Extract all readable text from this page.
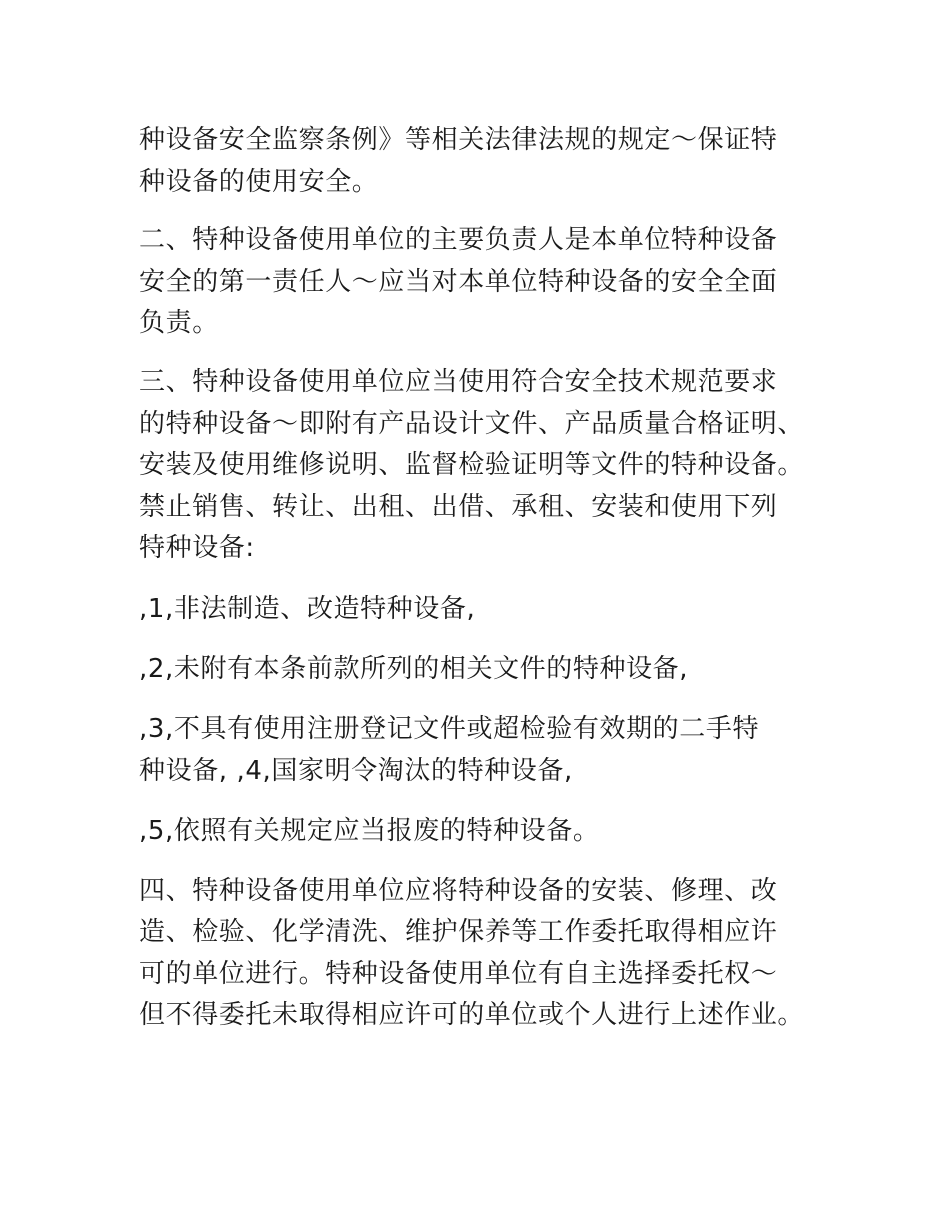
种设备安全监察条例》等相关法律法规的规定～保证特
种设备的使用安全。
二、特种设备使用单位的主要负责人是本单位特种设备
安全的第一责任人～应当对本单位特种设备的安全全面
负责。
三、特种设备使用单位应当使用符合安全技术规范要求
的特种设备～即附有产品设计文件、产品质量合格证明、
安装及使用维修说明、监督检验证明等文件的特种设备。
禁止销售、转让、出租、出借、承租、安装和使用下列
特种设备:
,1,非法制造、改造特种设备,
,2,未附有本条前款所列的相关文件的特种设备,
,3,不具有使用注册登记文件或超检验有效期的二手特
种设备, ,4,国家明令淘汰的特种设备,
,5,依照有关规定应当报废的特种设备。
四、特种设备使用单位应将特种设备的安装、修理、改
造、检验、化学清洗、维护保养等工作委托取得相应许
可的单位进行。特种设备使用单位有自主选择委托权～
但不得委托未取得相应许可的单位或个人进行上述作业。
